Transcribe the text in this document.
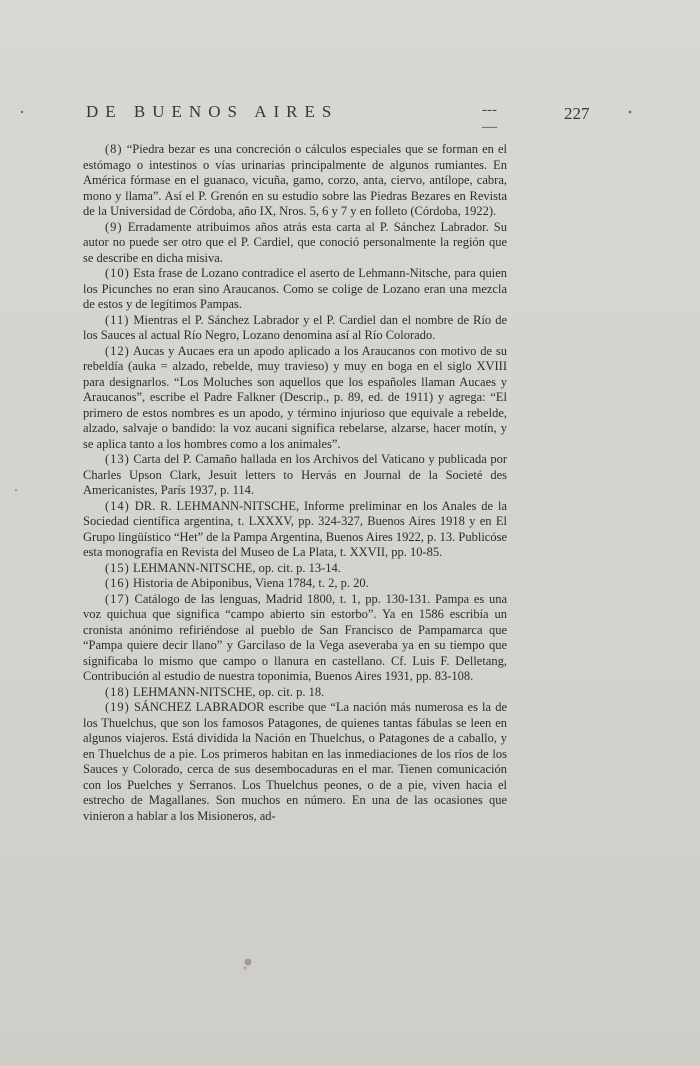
DE BUENOS AIRES	--- —
227

(8) “Piedra bezar es una concreción o cálculos especiales que se forman en el estómago o intestinos o vías urinarias principalmente de algunos rumiantes. En América fórmase en el guanaco, vicuña, gamo, corzo, anta, ciervo, antílope, cabra, mono y llama”. Así el P. Grenón en su estudio sobre las Piedras Bezares en Revista de la Universidad de Córdoba, año IX, Nros. 5, 6 y 7 y en folleto (Córdoba, 1922).

(9) Erradamente atribuimos años atrás esta carta al P. Sánchez Labrador. Su autor no puede ser otro que el P. Cardiel, que conoció personalmente la región que se describe en dicha misiva.

(10) Esta frase de Lozano contradice el aserto de Lehmann-Nitsche, para quien los Picunches no eran sino Araucanos. Como se colige de Lozano eran una mezcla de estos y de legítimos Pampas.

(11) Mientras el P. Sánchez Labrador y el P. Cardiel dan el nombre de Río de los Sauces al actual Río Negro, Lozano denomina así al Río Colorado.

(12) Aucas y Aucaes era un apodo aplicado a los Araucanos con motivo de su rebeldía (auka = alzado, rebelde, muy travieso) y muy en boga en el siglo XVIII para designarlos. “Los Moluches son aquellos que los españoles llaman Aucaes y Araucanos”, escribe el Padre Falkner (Descrip., p. 89, ed. de 1911) y agrega: “El primero de estos nombres es un apodo, y término injurioso que equivale a rebelde, alzado, salvaje o bandido: la voz aucani significa rebelarse, alzarse, hacer motín, y se aplica tanto a los hombres como a los animales”.

(13) Carta del P. Camaño hallada en los Archivos del Vaticano y publicada por Charles Upson Clark, Jesuit letters to Hervás en Journal de la Societé des Americanistes, París 1937, p. 114.

(14) DR. R. LEHMANN-NITSCHE, Informe preliminar en los Anales de la Sociedad científica argentina, t. LXXXV, pp. 324-327, Buenos Aires 1918 y en El Grupo lingüístico “Het” de la Pampa Argentina, Buenos Aires 1922, p. 13. Publicóse esta monografía en Revista del Museo de La Plata, t. XXVII, pp. 10-85.

(15) LEHMANN-NITSCHE, op. cit. p. 13-14.

(16) Historia de Abiponibus, Viena 1784, t. 2, p. 20.

(17) Catálogo de las lenguas, Madrid 1800, t. 1, pp. 130-131. Pampa es una voz quichua que significa “campo abierto sin estorbo”. Ya en 1586 escribía un cronista anónimo refiriéndose al pueblo de San Francisco de Pampamarca que “Pampa quiere decir llano” y Garcilaso de la Vega aseveraba ya en su tiempo que significaba lo mismo que campo o llanura en castellano. Cf. Luis F. Delletang, Contribución al estudio de nuestra toponimia, Buenos Aires 1931, pp. 83-108.

(18) LEHMANN-NITSCHE, op. cit. p. 18.

(19) SÁNCHEZ LABRADOR escribe que “La nación más numerosa es la de los Thuelchus, que son los famosos Patagones, de quienes tantas fábulas se leen en algunos viajeros. Está dividida la Nación en Thuelchus, o Patagones de a caballo, y en Thuelchus de a pie. Los primeros habitan en las inmediaciones de los ríos de los Sauces y Colorado, cerca de sus desembocaduras en el mar. Tienen comunicación con los Puelches y Serranos. Los Thuelchus peones, o de a pie, viven hacia el estrecho de Magallanes. Son muchos en número. En una de las ocasiones que vinieron a hablar a los Misioneros, ad-
